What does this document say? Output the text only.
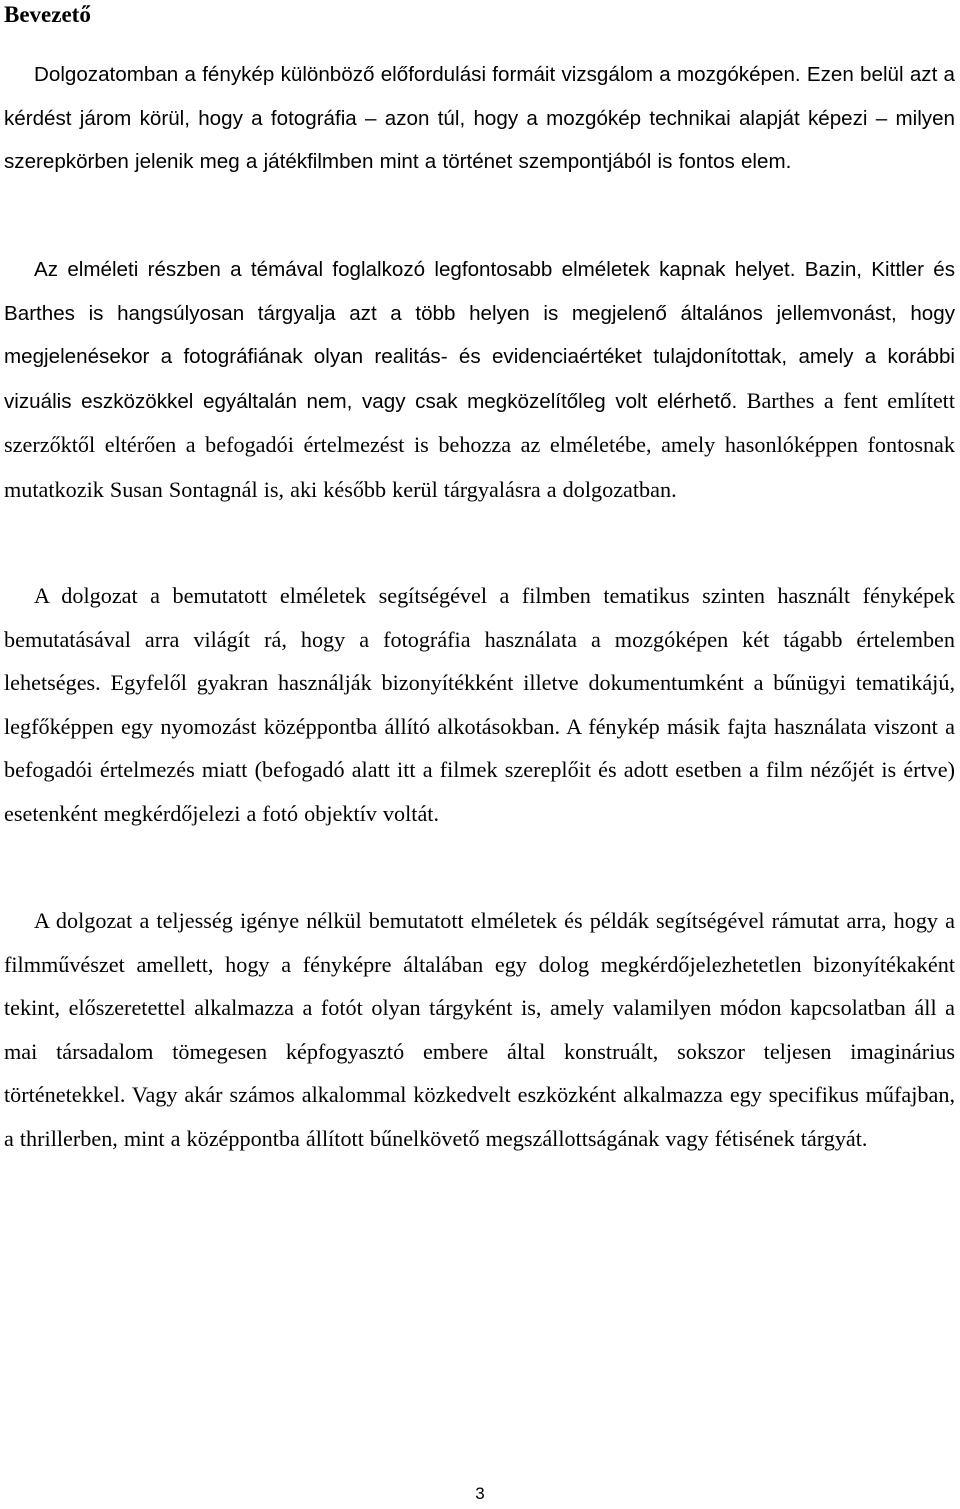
Bevezető

Dolgozatomban a fénykép különböző előfordulási formáit vizsgálom a mozgóképen. Ezen belül azt a kérdést járom körül, hogy a fotográfia – azon túl, hogy a mozgókép technikai alapját képezi – milyen szerepkörben jelenik meg a játékfilmben mint a történet szempontjából is fontos elem.

Az elméleti részben a témával foglalkozó legfontosabb elméletek kapnak helyet. Bazin, Kittler és Barthes is hangsúlyosan tárgyalja azt a több helyen is megjelenő általános jellemvonást, hogy megjelenésekor a fotográfiának olyan realitás- és evidenciaértéket tulajdonítottak, amely a korábbi vizuális eszközökkel egyáltalán nem, vagy csak megközelítőleg volt elérhető. Barthes a fent említett szerzőktől eltérően a befogadói értelmezést is behozza az elméletébe, amely hasonlóképpen fontosnak mutatkozik Susan Sontagnál is, aki később kerül tárgyalásra a dolgozatban.

A dolgozat a bemutatott elméletek segítségével a filmben tematikus szinten használt fényképek bemutatásával arra világít rá, hogy a fotográfia használata a mozgóképen két tágabb értelemben lehetséges. Egyfelől gyakran használják bizonyítékként illetve dokumentumként a bűnügyi tematikájú, legfőképpen egy nyomozást középpontba állító alkotásokban. A fénykép másik fajta használata viszont a befogadói értelmezés miatt (befogadó alatt itt a filmek szereplőit és adott esetben a film nézőjét is értve) esetenként megkérdőjelezi a fotó objektív voltát.

A dolgozat a teljesség igénye nélkül bemutatott elméletek és példák segítségével rámutat arra, hogy a filmművészet amellett, hogy a fényképre általában egy dolog megkérdőjelezhetetlen bizonyítékaként tekint, előszeretettel alkalmazza a fotót olyan tárgyként is, amely valamilyen módon kapcsolatban áll a mai társadalom tömegesen képfogyasztó embere által konstruált, sokszor teljesen imaginárius történetekkel. Vagy akár számos alkalommal közkedvelt eszközként alkalmazza egy specifikus műfajban, a thrillerben, mint a középpontba állított bűnelkövető megszállottságának vagy fétisének tárgyát.

3
